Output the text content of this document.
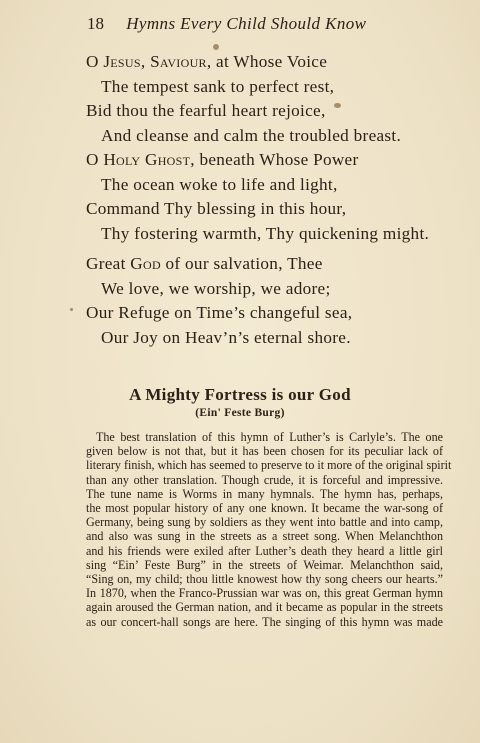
18 Hymns Every Child Should Know
O Jesus, Saviour, at Whose Voice
The tempest sank to perfect rest,
Bid thou the fearful heart rejoice,
And cleanse and calm the troubled breast.
O Holy Ghost, beneath Whose Power
The ocean woke to life and light,
Command Thy blessing in this hour,
Thy fostering warmth, Thy quickening might.
Great God of our salvation, Thee
We love, we worship, we adore;
Our Refuge on Time’s changeful sea,
Our Joy on Heav’n’s eternal shore.
A Mighty Fortress is our God
(Ein' Feste Burg)
The best translation of this hymn of Luther’s is Carlyle’s. The one
given below is not that, but it has been chosen for its peculiar lack of
literary finish, which has seemed to preserve to it more of the original spirit
than any other translation. Though crude, it is forceful and impressive.
The tune name is Worms in many hymnals. The hymn has, perhaps,
the most popular history of any one known. It became the war-song of
Germany, being sung by soldiers as they went into battle and into camp,
and also was sung in the streets as a street song. When Melanchthon
and his friends were exiled after Luther’s death they heard a little girl
sing “Ein’ Feste Burg” in the streets of Weimar. Melanchthon said,
“Sing on, my child; thou little knowest how thy song cheers our hearts.”
In 1870, when the Franco-Prussian war was on, this great German hymn
again aroused the German nation, and it became as popular in the streets
as our concert-hall songs are here. The singing of this hymn was made
